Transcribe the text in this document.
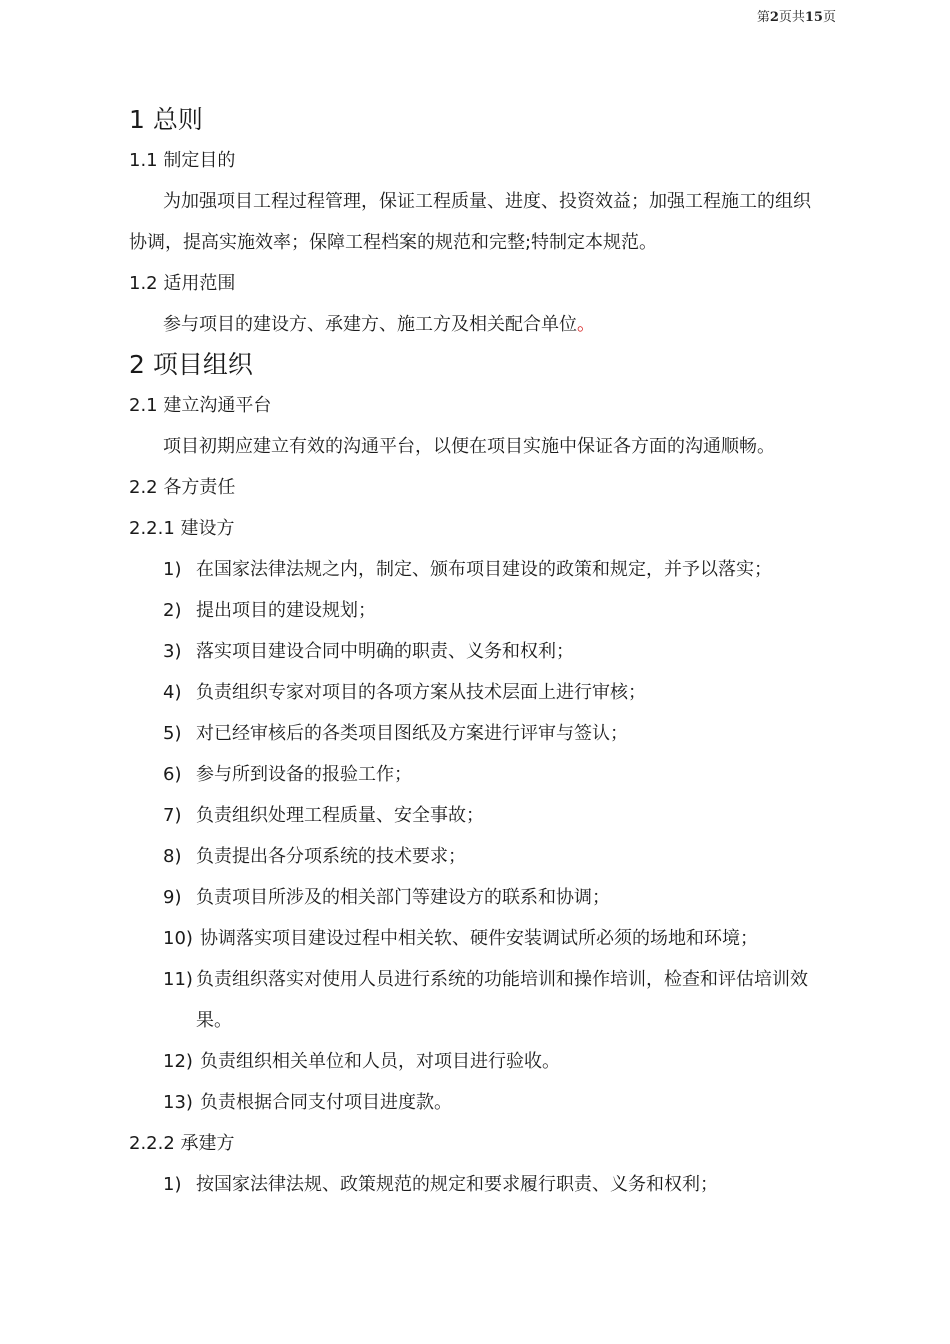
第2页共15页
1 总则
1.1 制定目的
为加强项目工程过程管理，保证工程质量、进度、投资效益；加强工程施工的组织
协调，提高实施效率；保障工程档案的规范和完整;特制定本规范。
1.2 适用范围
参与项目的建设方、承建方、施工方及相关配合单位。
2 项目组织
2.1 建立沟通平台
项目初期应建立有效的沟通平台，以便在项目实施中保证各方面的沟通顺畅。
2.2 各方责任
2.2.1 建设方
1) 在国家法律法规之内，制定、颁布项目建设的政策和规定，并予以落实；
2) 提出项目的建设规划；
3) 落实项目建设合同中明确的职责、义务和权利；
4) 负责组织专家对项目的各项方案从技术层面上进行审核；
5) 对已经审核后的各类项目图纸及方案进行评审与签认；
6) 参与所到设备的报验工作；
7) 负责组织处理工程质量、安全事故；
8) 负责提出各分项系统的技术要求；
9) 负责项目所涉及的相关部门等建设方的联系和协调；
10) 协调落实项目建设过程中相关软、硬件安装调试所必须的场地和环境；
11) 负责组织落实对使用人员进行系统的功能培训和操作培训，检查和评估培训效
果。
12) 负责组织相关单位和人员，对项目进行验收。
13) 负责根据合同支付项目进度款。
2.2.2 承建方
1) 按国家法律法规、政策规范的规定和要求履行职责、义务和权利；
